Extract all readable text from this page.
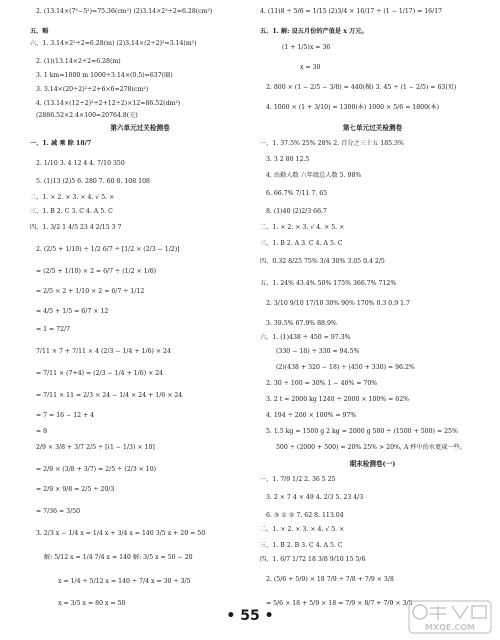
2. (13.14×(7²−5²)=75.36(cm²) (2)3.14×2²÷2=6.28(cm²)
五、略
六、1. 3.14×2²÷2=6.28(m) (2)3.14×(2÷2)²=3.14(m²)
2. (1)(13.14×2÷2=6.28(m)
3. 1 km=1000 m 1000÷3.14×(0.5)≈637(圈)
3. 3.14×(20÷2)²÷2+6×6=278(cm²)
4. (13.14×(12÷2)²÷2+12÷2)×12=86.52(dm²)
(2886.52×2.4×100=20764.8(元)
第六单元过关检测卷
一、1. 减 乘 除 18/7
2. 1/10 3. 4 12 4 4. 7/10 350
5. (1)13 (2)5 6. 280 7. 60 8. 108 108
二、1. × 2. × 3. × 4. √ 5. ×
三、1. B 2. C 3. C 4. A 5. C
四、1. 3/2 1 4/5 23 4 2/15 3 7
2. (2/5 + 1/10) ÷ 1/2 6/7 ÷ [1/2 × (2/3 − 1/2)]
= (2/5 + 1/10) × 2 = 6/7 ÷ (1/2 × 1/6)
= 2/5 × 2 + 1/10 × 2 = 6/7 ÷ 1/12
= 4/5 + 1/5 = 6/7 × 12
= 1 = 72/7
7/11 × 7 + 7/11 × 4 (2/3 − 1/4 + 1/6) × 24
= 7/11 × (7+4) = (2/3 − 1/4 + 1/6) × 24
= 7/11 × 11 = 2/3 × 24 − 1/4 × 24 + 1/6 × 24
= 7 = 16 − 12 + 4
= 8
2/9 × 3/8 + 3/7 2/5 ÷ [(1 − 1/3) × 10]
= 2/9 × (3/8 + 3/7) = 2/5 ÷ (2/3 × 10)
= 2/9 × 9/8 = 2/5 ÷ 20/3
= 7/36 = 3/50
3. 2/3 x − 1/4 x = 1/4 x + 3/4 x = 140 3/5 x + 20 = 50
解: 5/12 x = 1/4 7/4 x = 140 解: 3/5 x = 50 − 20
x = 1/4 ÷ 5/12 x = 140 ÷ 7/4 x = 30 ÷ 3/5
x = 3/5 x = 80 x = 50
4. (11)8 ÷ 5/6 = 1/15 (2)3/4 × 16/17 ÷ (1 − 1/17) = 16/17
五、1. 解: 设五月份的产值是 x 万元。
(1 + 1/5)x = 36
x = 30
2. 800 × (1 − 2/5 − 3/8) = 440(棵) 3. 45 ÷ (1 − 2/5) = 63(页)
4. 1000 × (1 + 3/10) = 1300(本) 1000 × 5/6 = 1800(本)
第七单元过关检测卷
一、1. 37.5% 25% 28% 2. 百分之三十五 185.3%
3. 3 2 80 12.5
4. 出勤人数 六年级总人数 5. 98%
6. 66.7% 7/11 7. 65
8. (1)40 (2)2/3 66.7
二、1. × 2. × 3. √ 4. × 5. ×
三、1. B 2. A 3. C 4. A 5. C
四、0.32 8/25 75% 3/4 30% 3.05 0.4 2/5
五、1. 24% 43.4% 50% 175% 366.7% 712%
2. 3/10 9/10 17/10 30% 90% 170% 0.3 0.9 1.7
3. 39.5% 67.9% 88.9%
六、1. (1)438 ÷ 450 ≈ 97.3%
(330 − 18) ÷ 330 ≈ 94.5%
(2)(438 + 320 − 18) ÷ (450 + 330) ≈ 96.2%
2. 30 ÷ 100 = 30% 1 − 40% = 70%
3. 2 t = 2000 kg 1240 ÷ 2000 × 100% = 62%
4. 194 ÷ 200 × 100% = 97%
5. 1.5 kg = 1500 g 2 kg = 2000 g 500 ÷ (1500 + 500) = 25%
500 ÷ (2000 + 500) = 20% 25% > 20%, A 杯中的水更咸一些。
期末检测卷(一)
一、1. 7/9 1/2 2. 36 5 25
3. 2 × 7 4 × 49 4. 2/3 5. 23 4/3
6. ③ ① ② 7. 62 8. 113.04
二、1. × 2. × 3. × 4. √ 5. ×
三、1. B 2. B 3. C 4. A 5. C
四、1. 6/7 1/72 18 3/8 9/10 15 5/6
2. (5/6 + 5/9) × 18 7/9 ÷ 7/8 + 7/9 × 3/8
= 5/6 × 18 + 5/9 × 18 = 7/9 × 8/7 + 7/9 × 3/8
• 55 •
MXQE.COM
